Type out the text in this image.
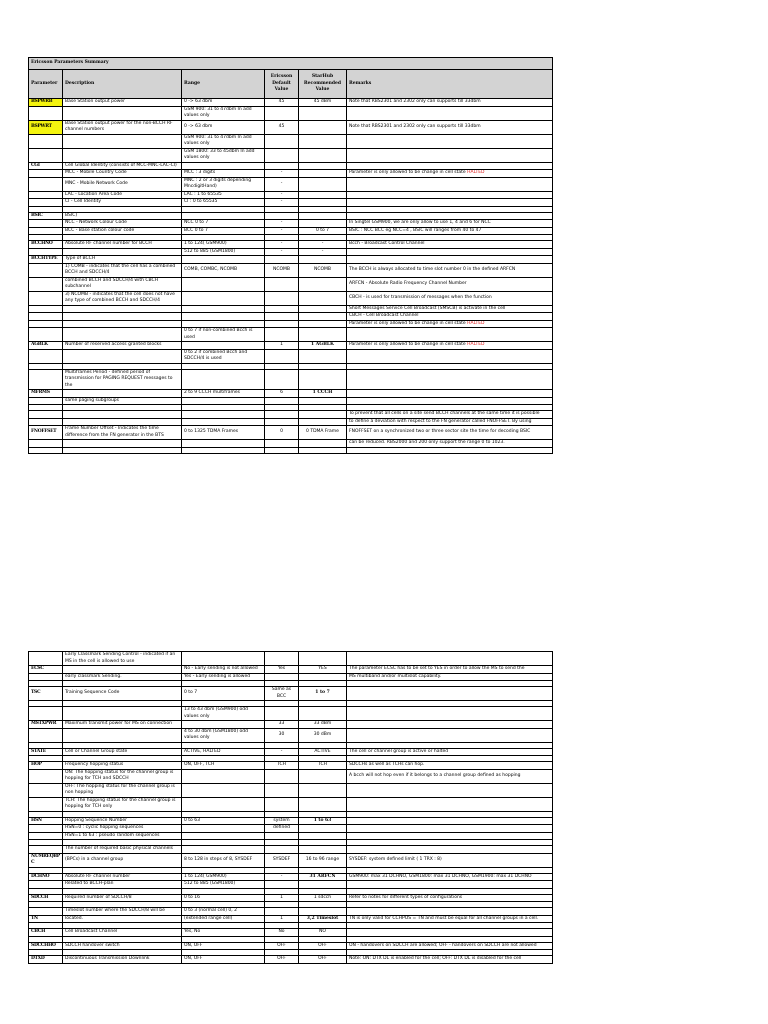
Ericsson Parameters Summary					
Parameter	Description	Range	Ericsson Default Value	StarHub Recommended Value	Remarks
BSPWRB	Base Station output power	0 -> 63 dbm	45	45 dBm	Note that RBS2301 and 2302 only can supports till 33dbm
		GSM 900: 31 to 47dbm In add values only			
BSPWRT	Base Station output power for the non-BCCH RF channel numbers	0 -> 63 dbm	45		Note that RBS2301 and 2302 only can supports till 33dbm
		GSM 900: 31 to 47dbm In add values only			
		GSM 1800: 33 to 45dbm In add values only			
CGI	Cell Global Identity (consists of MCC-MNC-LAC-CI)				
	MCC - Mobile Country Code	MCC : 3 digits	-		Parameter is only allowed to be change in cell state HALTED
	MNC - Mobile Network Code	MNC : 2 or 3 digits depending MncdigitHand)	-		
	LAC - Location Area Code	LAC : 1 to 65535	-		
	CI - Cell Identity	CI : 0 to 65535	-		

BSIC	BSIC)				
	NCC - Network Colour Code	NCC 0 to 7	-		In Singtel GSM900, we are only allow to use 1, 4 and 6 for NCC
	BCC - Base station colour code	BCC 0 to 7	-	0 to 7	BSIC : NCC BCC eg NCC=4 , BSIC will ranges from 40 to 47

BCCHNO	Absolute RF channel number for BCCH	1 to 124( GSM900)	-	-	Bcch - Broadcast Control Channel
		512 to 885 (GSM1800)	-	-	
BCCHTYPE	Type of BCCH				
	1) COMB - indicates that the cell has a combined BCCH and SDCCH/4	COMB, COMBC, NCOMB	NCOMB	NCOMB	The BCCH is always allocated to time slot number 0 in the defined ARFCN
	combined BCCH and SDCCH/4 with CBCH subchannel				ARFCN - Absolute Radio Frequency Channel Number
	3) NCOMB - indicates that the cell does not have any type of combined BCCH and SDCCH/4				CBCH - is used for transmission of messages when the function
					Short Messages Service Cell Broadcast (SMSCB) is activate in the cell
					CBCH - Cell Broadcast Channel
					Parameter is only allowed to be change in cell state HALTED
		0 to 7 if non-combined Bcch is used			
AGBLK	Number of reserved access granted blocks		1	1 AGBLK	Parameter is only allowed to be change in cell state HALTED
		0 to 2 if combined Bcch and SDCCH/4 is used			

	Multiframes Period - defined period of transmission for PAGING REQUEST messages to the				
MFRMS		2 to 9 CCCH multiframes	6	1 CCCH	
	same paging subgroups				

					To prevent that all cells on a site send BCCH channels at the same time it is possible
					to define a deviation with respect to the FN generator called FNOFFSET. By using
FNOFFSET	Frame Number Offset - Indicates the time difference from the FN generator in the BTS	0 to 1325 TDMA Frames	0	0 TDMA Frame	FNOFFSET on a synchronized two or three sector site the time for decoding BSIC
					can be reduced. RBS2000 and 200 only support the range 0 to 1023.

	Early Classmark Sending Control - indicated if an MS in the cell is allowed to use				
ECSC		No - Early sending is not allowed	Yes	YES	The parameter ECSC has to be set to YES in order to allow the MS to send the
	early classmark Sending.	Yes - Early sending is allowed			MS multiband and/or multislot capability.

TSC	Training Sequence Code	0 to 7	Same as BCC	1 to 7	

		13 to 43 dbm (GSM900) odd values only			
MSTXPWR	Maximum transmit power for MS on connection		33	33 dBm	
		4 to 30 dbm (GSM1800) odd values only	30	30 dBm	

STATE	Cell or Channel Group state	ACTIVE, HALTED	-	ACTIVE	The cell or channel group is active or halted

HOP	Frequency hopping status	ON, OFF, TCH	TCH	TCH	SDCCHs as well as TCHs can hop.
	ON: The hopping status for the channel group is hopping for TCH and SDCCH				A bcch will not hop even if it belongs to a channel group defined as hopping
	OFF: The hopping status for the channel group is non hopping				
	TCH: The hopping status for the channel group is hopping for TCH only				

HSN	Hopping Sequence Number	0 to 63	system	1 to 63	
	HSN=0 : cyclic hopping sequences		defined		
	HSN=1 to 63 : pseudo random sequences				

	The number of required basic physical channels				
NUMREQBPC	(BPCs) in a channel group	8 to 128 in steps of 8, SYSDEF	SYSDEF	16 to 96 range	SYSDEF: system defined limit ( 1 TRX : 8)

DCHNO	Absolute RF channel number	1 to 124( GSM900)	-	31 ARFCN	GSM900: max 31 DCHNO, GSM1800: max 31 DCHNO, GSM1900: max 31 DCHNO
	Related to BCCH-plan	512 to 885 (GSM1800)			

SDCCH	Required number of SDCCH/8	0 to 16	1	1 sdcch	Refer to notes for different types of configurations

	Timeslot number where the SDCCH/8 will be	0 to 3 (normal cell) 0, 2			
TN	located.	(extended range cell)	1	3,2 Timeslot	TN is only valid for CCHPOS = TN and must be equal for all channel groups in a cell.

CBCH	Cell Broadcast Channel	Yes, No	No	NO	

SDCCHHO	SDCCH handover switch	ON, OFF	OFF	OFF	ON - handovers on SDCCH are allowed; OFF - handovers on SDCCH are not allowed

DTXD	Discontinuous Transmission Downlink	ON, OFF	OFF	OFF	Note: ON: DTX DL is enabled for the cell; OFF: DTX DL is disabled for the cell
